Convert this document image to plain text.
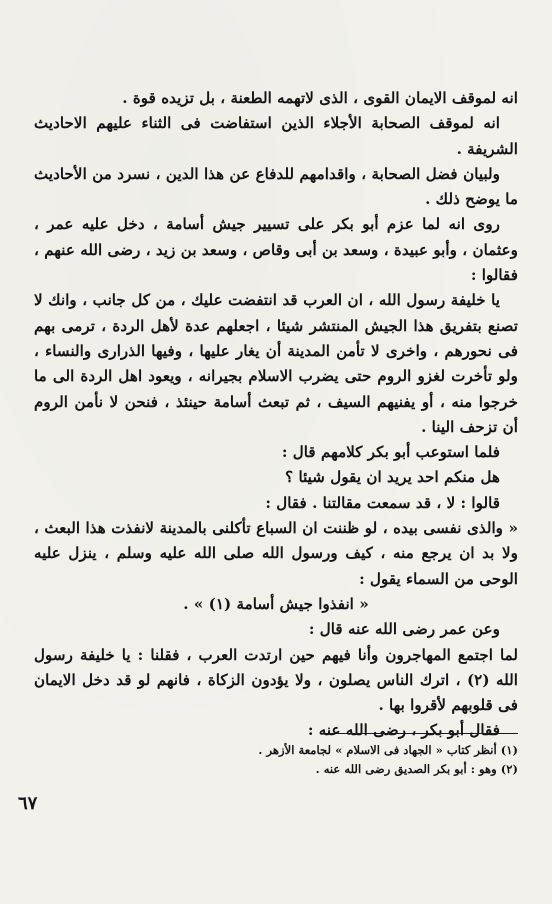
انه لموقف الايمان القوى ، الذى لاتهمه الطعنة ، بل تزيده قوة .

انه لموقف الصحابة الأجلاء الذين استفاضت فى الثناء عليهم الاحاديث الشريفة .

ولبيان فضل الصحابة ، واقدامهم للدفاع عن هذا الدين ، نسرد من الأحاديث ما يوضح ذلك .

روى انه لما عزم أبو بكر على تسيير جيش أسامة ، دخل عليه عمر ، وعثمان ، وأبو عبيدة ، وسعد بن أبى وقاص ، وسعد بن زيد ، رضى الله عنهم ، فقالوا :

يا خليفة رسول الله ، ان العرب قد انتفضت عليك ، من كل جانب ، وانك لا تصنع بتفريق هذا الجيش المنتشر شيئا ، اجعلهم عدة لأهل الردة ، ترمى بهم فى نحورهم ، واخرى لا تأمن المدينة أن يغار عليها ، وفيها الذرارى والنساء ، ولو تأخرت لغزو الروم حتى يضرب الاسلام بجيرانه ، ويعود اهل الردة الى ما خرجوا منه ، أو يفنيهم السيف ، ثم تبعث أسامة حينئذ ، فنحن لا نأمن الروم أن تزحف الينا .

فلما استوعب أبو بكر كلامهم قال :

هل منكم احد يريد ان يقول شيئا ؟

قالوا : لا ، قد سمعت مقالتنا . فقال :

« والذى نفسى بيده ، لو ظننت ان السباع تأكلنى بالمدينة لانفذت هذا البعث ، ولا بد ان يرجع منه ، كيف ورسول الله صلى الله عليه وسلم ، ينزل عليه الوحى من السماء يقول :

« انفذوا جيش أسامة (١) » .

وعن عمر رضى الله عنه قال :

لما اجتمع المهاجرون وأنا فيهم حين ارتدت العرب ، فقلنا : يا خليفة رسول الله (٢) ، اترك الناس يصلون ، ولا يؤدون الزكاة ، فانهم لو قد دخل الايمان فى قلوبهم لأقروا بها .

فقال أبو بكر ، رضى الله عنه :

(١) أنظر كتاب « الجهاد فى الاسلام » لجامعة الأزهر .

(٢) وهو : أبو بكر الصديق رضى الله عنه .

٦٧
